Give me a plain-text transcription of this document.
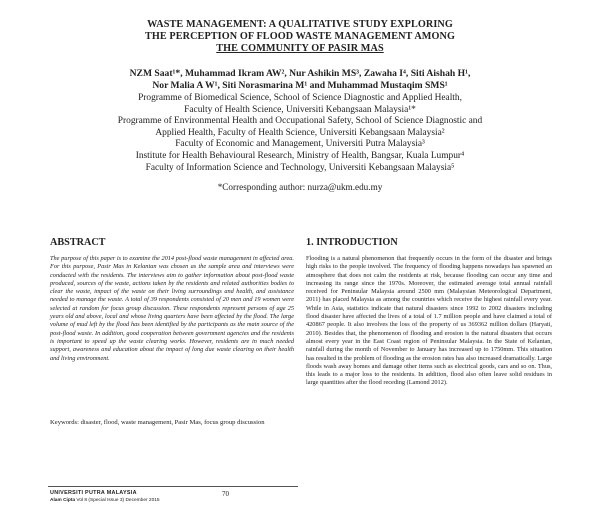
WASTE MANAGEMENT: A QUALITATIVE STUDY EXPLORING
THE PERCEPTION OF FLOOD WASTE MANAGEMENT AMONG
THE COMMUNITY OF PASIR MAS
NZM Saat¹*, Muhammad Ikram AW², Nur Ashikin MS³, Zawaha I⁴, Siti Aishah H¹,
Nor Malia A W¹, Siti Norasmarina M¹ and Muhammad Mustaqim SMS¹
Programme of Biomedical Science, School of Science Diagnostic and Applied Health,
Faculty of Health Science, Universiti Kebangsaan Malaysia¹*
Programme of Environmental Health and Occupational Safety, School of Science Diagnostic and
Applied Health, Faculty of Health Science, Universiti Kebangsaan Malaysia²
Faculty of Economic and Management, Universiti Putra Malaysia³
Institute for Health Behavioural Research, Ministry of Health, Bangsar, Kuala Lumpur⁴
Faculty of Information Science and Technology, Universiti Kebangsaan Malaysia⁵
*Corresponding author: nurza@ukm.edu.my
ABSTRACT
The purpose of this paper is to examine the 2014 post-flood waste management in affected area. For this purpose, Pasir Mas in Kelantan was chosen as the sample area and interviews were conducted with the residents. The interviews aim to gather information about post-flood waste produced, sources of the waste, actions taken by the residents and related authorities bodies to clear the waste, impact of the waste on their living surroundings and health, and assistance needed to manage the waste. A total of 39 respondents consisted of 20 men and 19 women were selected at random for focus group discussion. These respondents represent persons of age 25 years old and above, local and whose living quarters have been affected by the flood. The large volume of mud left by the flood has been identified by the participants as the main source of the post-flood waste. In addition, good cooperation between government agencies and the residents is important to speed up the waste clearing works. However, residents are in much needed support, awareness and education about the impact of long due waste clearing on their health and living environment.
Keywords: disaster, flood, waste management, Pasir Mas, focus group discussion
1. INTRODUCTION
Flooding is a natural phenomenon that frequently occurs in the form of the disaster and brings high risks to the people involved. The frequency of flooding happens nowadays has spawned an atmosphere that does not calm the residents at risk, because flooding can occur any time and increasing its range since the 1970s. Moreover, the estimated average total annual rainfall received for Peninsular Malaysia around 2500 mm (Malaysian Meteorological Department, 2011) has placed Malaysia as among the countries which receive the highest rainfall every year. While in Asia, statistics indicate that natural disasters since 1992 to 2002 disasters including flood disaster have affected the lives of a total of 1.7 million people and have claimed a total of 420867 people. It also involves the loss of the property of us 369362 million dollars (Haryati, 2010). Besides that, the phenomenon of flooding and erosion is the natural disasters that occurs almost every year in the East Coast region of Peninsular Malaysia. In the State of Kelantan, rainfall during the month of November to January has increased up to 1750mm. This situation has resulted in the problem of flooding as the erosion rates has also increased dramatically. Large floods wash away homes and damage other items such as electrical goods, cars and so on. Thus, this leads to a major loss to the residents. In addition, flood also often leave solid residues in large quantities after the flood receding (Lamond 2012).
UNIVERSITI PUTRA MALAYSIA	70
Alam Cipta Vol 8 (Special Issue 3) December 2015
